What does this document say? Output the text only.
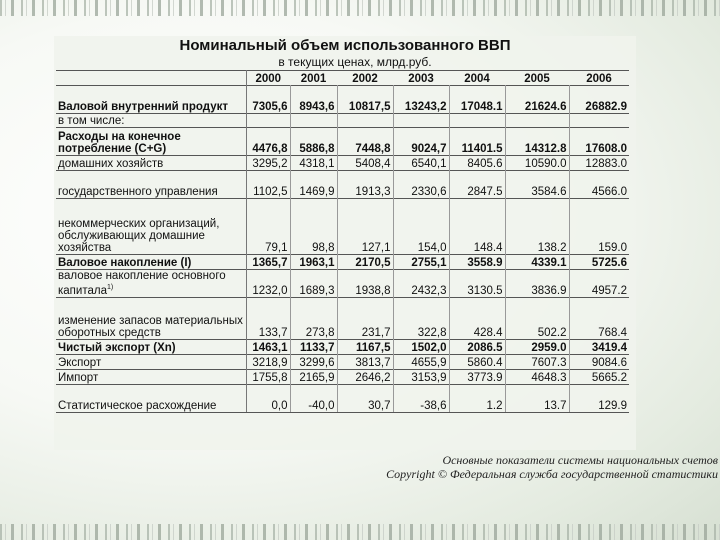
Номинальный объем использованного ВВП
в текущих ценах, млрд.руб.
	2000	2001	2002	2003	2004	2005	2006
Валовой внутренний продукт	7305,6	8943,6	10817,5	13243,2	17048.1	21624.6	26882.9
в том числе:							
Расходы на конечное потребление (С+G)	4476,8	5886,8	7448,8	9024,7	11401.5	14312.8	17608.0
домашних хозяйств	3295,2	4318,1	5408,4	6540,1	8405.6	10590.0	12883.0
государственного управления	1102,5	1469,9	1913,3	2330,6	2847.5	3584.6	4566.0
некоммерческих организаций, обслуживающих домашние хозяйства	79,1	98,8	127,1	154,0	148.4	138.2	159.0
Валовое накопление (I)	1365,7	1963,1	2170,5	2755,1	3558.9	4339.1	5725.6
валовое накопление основного капитала$^{1)}$	1232,0	1689,3	1938,8	2432,3	3130.5	3836.9	4957.2
изменение запасов материальных оборотных средств	133,7	273,8	231,7	322,8	428.4	502.2	768.4
Чистый экспорт (Xn)	1463,1	1133,7	1167,5	1502,0	2086.5	2959.0	3419.4
Экспорт	3218,9	3299,6	3813,7	4655,9	5860.4	7607.3	9084.6
Импорт	1755,8	2165,9	2646,2	3153,9	3773.9	4648.3	5665.2
Статистическое расхождение	0,0	-40,0	30,7	-38,6	1.2	13.7	129.9
Основные показатели системы национальных счетов
Copyright © Федеральная служба государственной статистики
